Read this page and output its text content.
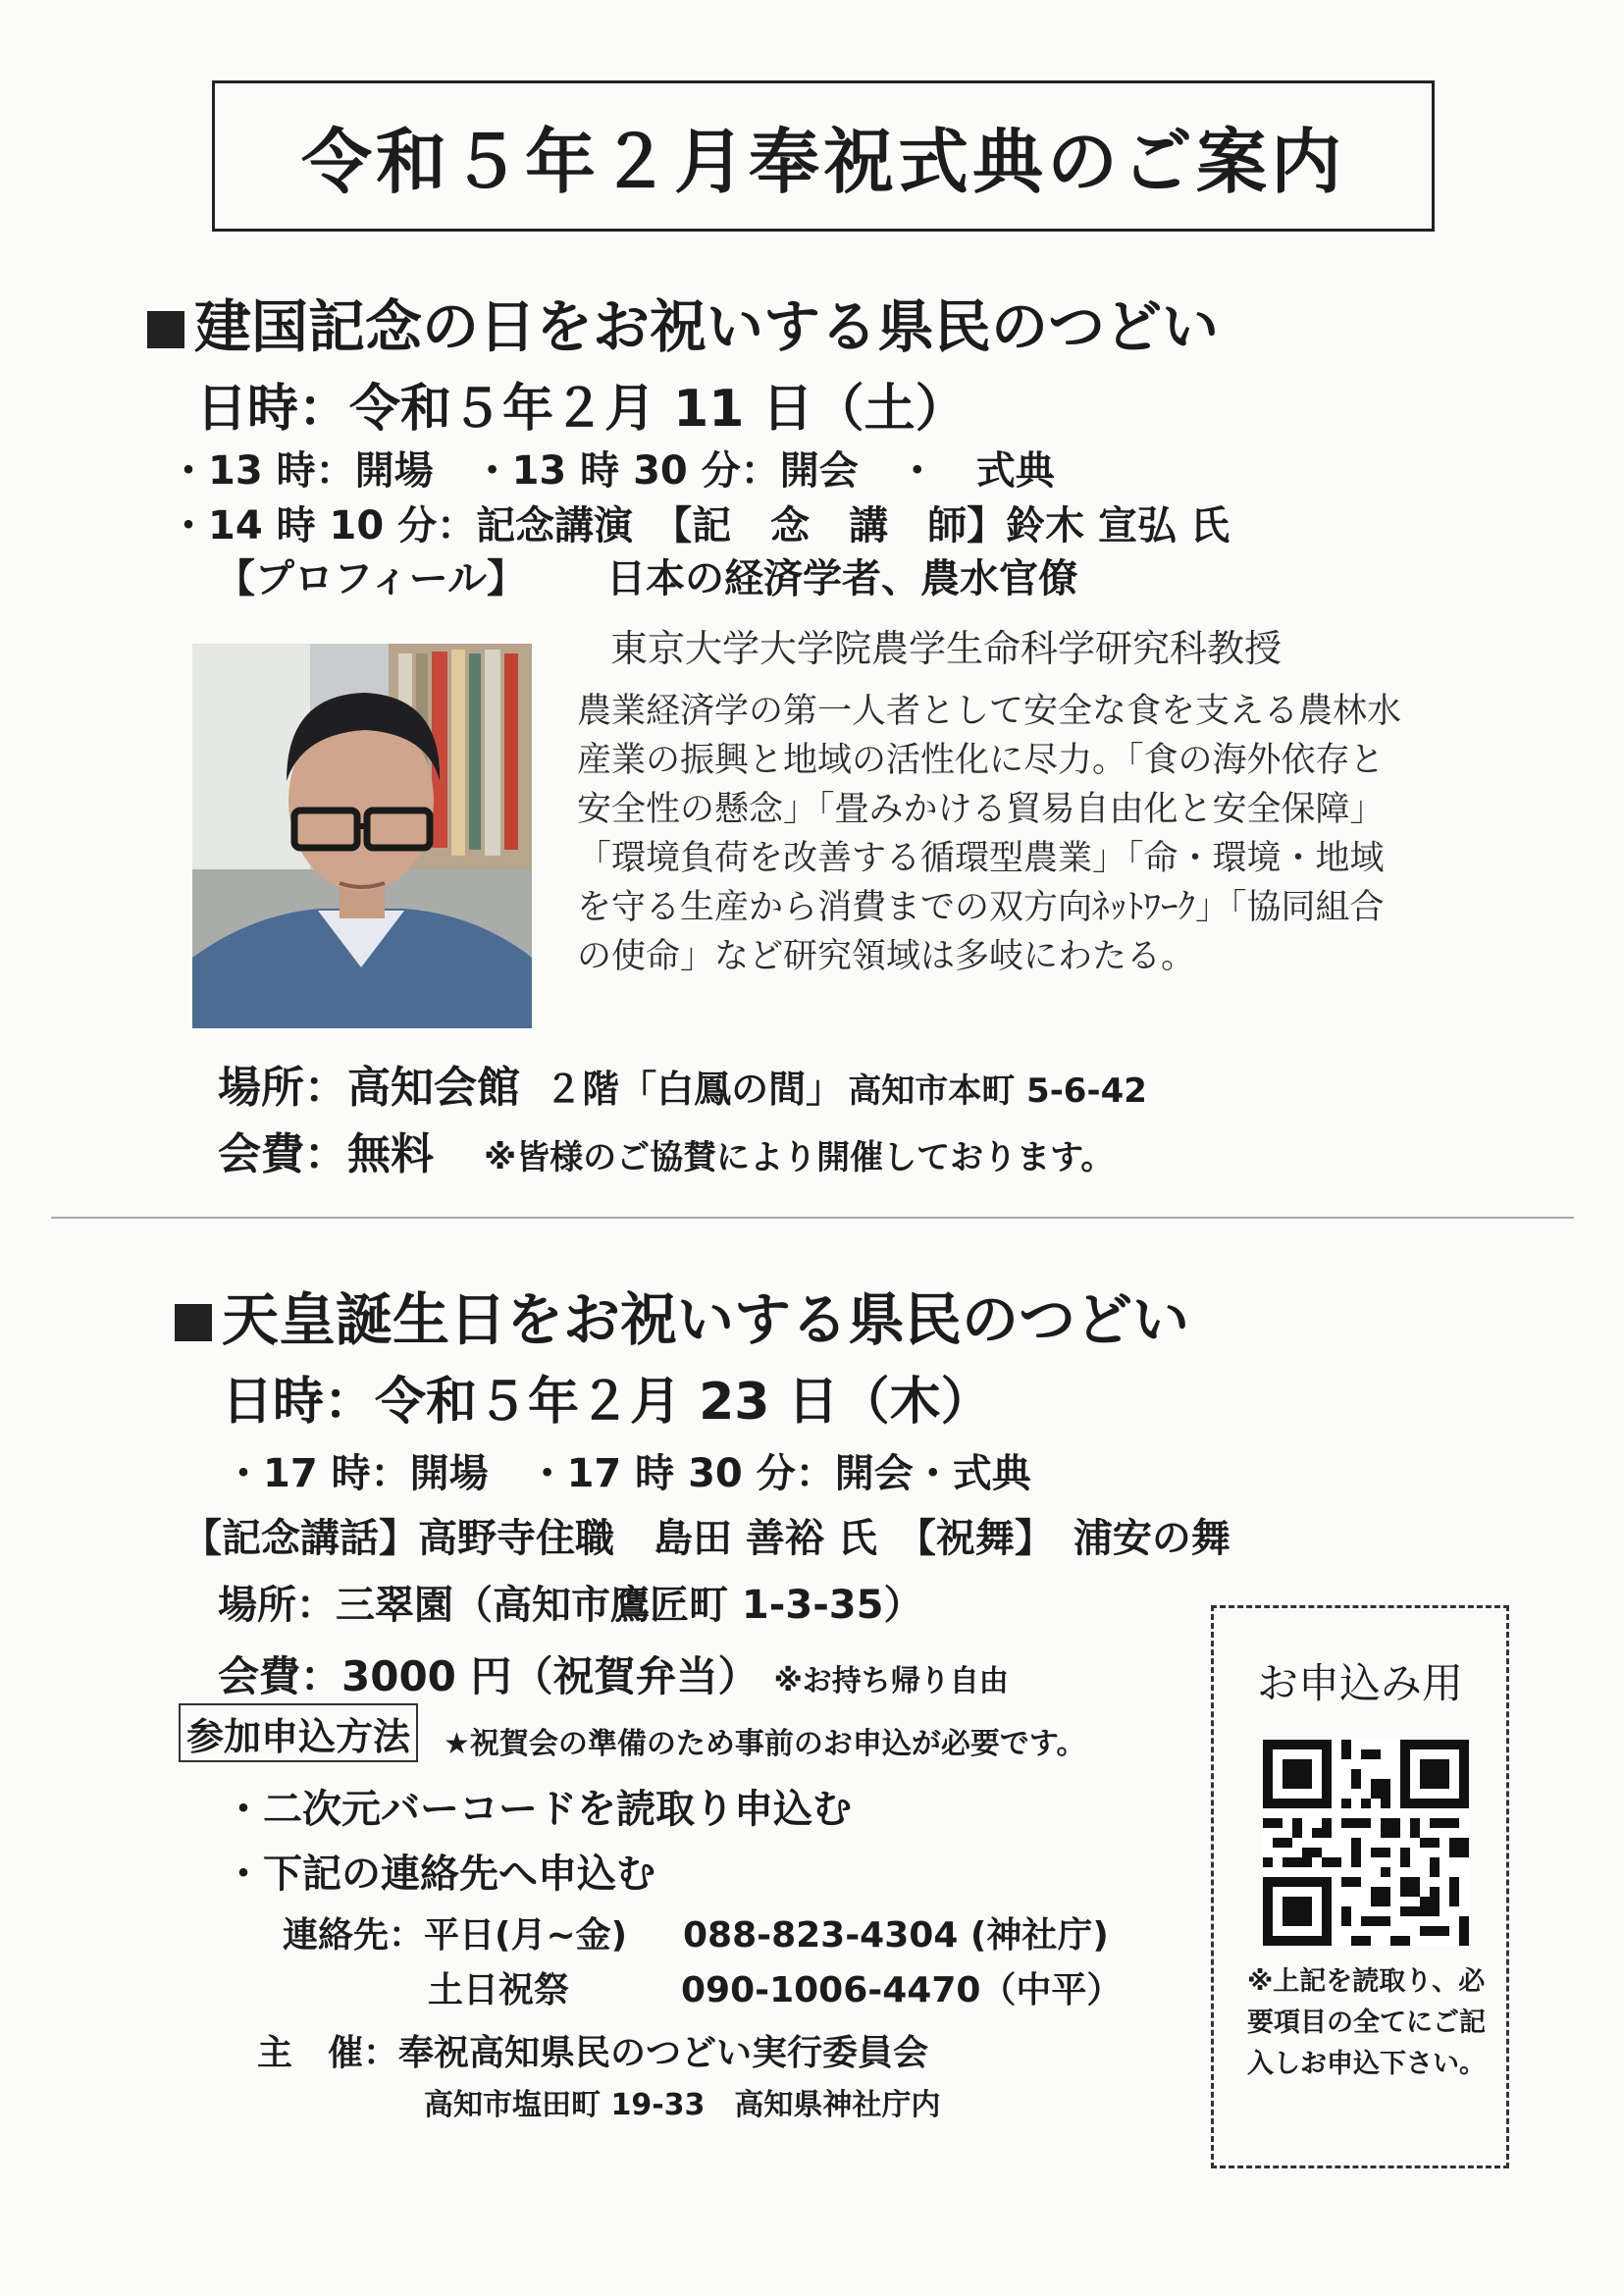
令和５年２月奉祝式典のご案内
建国記念の日をお祝いする県民のつどい
日時：令和５年２月 11 日（土）
・13 時：開場　・13 時 30 分：開会　・　式典
・14 時 10 分：記念講演　【記　念　講　師】鈴木 宣弘 氏
【プロフィール】 日本の経済学者、農水官僚
東京大学大学院農学生命科学研究科教授
農業経済学の第一人者として安全な食を支える農林水
産業の振興と地域の活性化に尽力。「食の海外依存と
安全性の懸念」「畳みかける貿易自由化と安全保障」
「環境負荷を改善する循環型農業」「命・環境・地域
を守る生産から消費までの双方向ﾈｯﾄﾜｰｸ」「協同組合
の使命」など研究領域は多岐にわたる。
場所：高知会館 ２階「白鳳の間」 高知市本町 5-6-42
会費：無料 ※皆様のご協賛により開催しております。
天皇誕生日をお祝いする県民のつどい
日時：令和５年２月 23 日（木）
・17 時：開場　・17 時 30 分：開会・式典
【記念講話】高野寺住職　島田 善裕 氏　【祝舞】　浦安の舞
場所：三翠園（高知市鷹匠町 1-3-35）
会費：3000 円（祝賀弁当） ※お持ち帰り自由
参加申込方法 ★祝賀会の準備のため事前のお申込が必要です。
・二次元バーコードを読取り申込む
・下記の連絡先へ申込む
連絡先：平日(月~金) 088-823-4304 (神社庁)
土日祝祭	090-1006-4470（中平）
主　催：奉祝高知県民のつどい実行委員会
高知市塩田町 19-33　高知県神社庁内
お申込み用
※上記を読取り、必要項目の全てにご記入しお申込下さい。
